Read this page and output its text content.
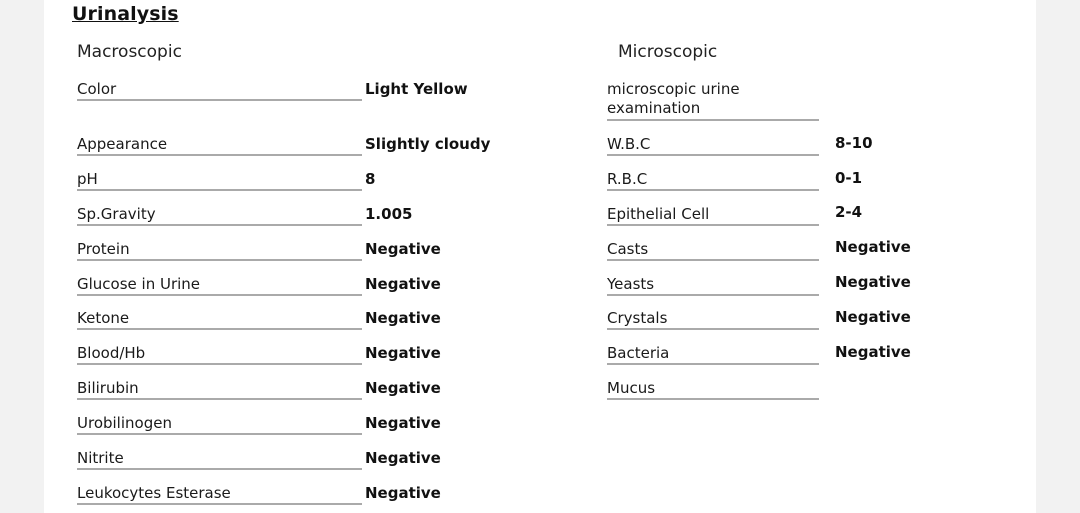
Urinalysis
Macroscopic	Microscopic
Color	Light Yellow
Appearance	Slightly cloudy
pH	8
Sp.Gravity	1.005
Protein	Negative
Glucose in Urine	Negative
Ketone	Negative
Blood/Hb	Negative
Bilirubin	Negative
Urobilinogen	Negative
Nitrite	Negative
Leukocytes Esterase	Negative
microscopic urine examination
W.B.C	8-10
R.B.C	0-1
Epithelial Cell	2-4
Casts	Negative
Yeasts	Negative
Crystals	Negative
Bacteria	Negative
Mucus
